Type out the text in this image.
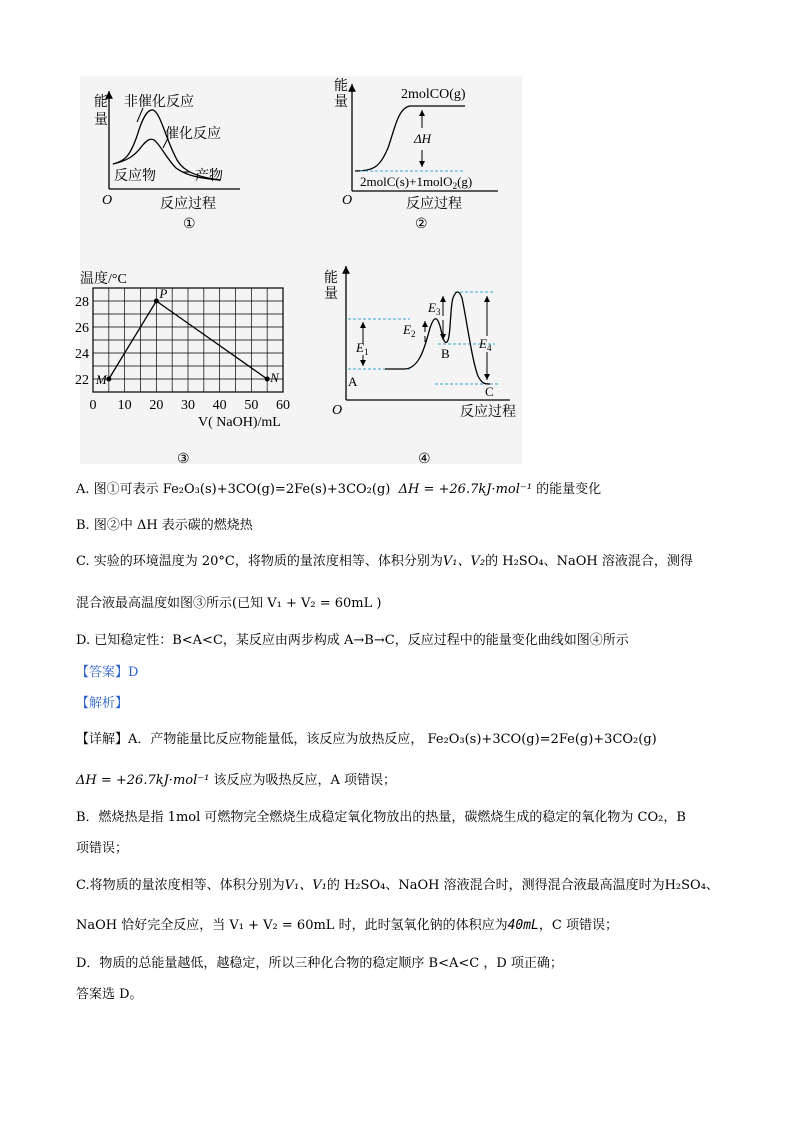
能
量
O	反应过程
非催化反应
催化反应
反应物	产物
①
能
量
O	反应过程
2molCO(g)
ΔH
2molC(s)+1molO$_2$(g)
②
温度/°C
0 10 20 30 40 50 60
22
24
26
28
M
P
N
V( NaOH)/mL
③
能
量
O	反应过程
$E_1$
$E_2$
$E_3$
$E_4$
A
B
C
④
A. 图①可表示 Fe₂O₃(s)+3CO(g)=2Fe(s)+3CO₂(g) ΔH = +26.7kJ·mol⁻¹ 的能量变化
B. 图②中 ΔH 表示碳的燃烧热
C. 实验的环境温度为 20°C，将物质的量浓度相等、体积分别为V₁、V₂的 H₂SO₄、NaOH 溶液混合，测得
混合液最高温度如图③所示(已知 V₁ + V₂ = 60mL )
D. 已知稳定性：B<A<C，某反应由两步构成 A→B→C，反应过程中的能量变化曲线如图④所示
【答案】D
【解析】
【详解】A．产物能量比反应物能量低，该反应为放热反应， Fe₂O₃(s)+3CO(g)=2Fe(g)+3CO₂(g)
ΔH = +26.7kJ·mol⁻¹ 该反应为吸热反应，A 项错误；
B．燃烧热是指 1mol 可燃物完全燃烧生成稳定氧化物放出的热量，碳燃烧生成的稳定的氧化物为 CO₂，B
项错误；
C.将物质的量浓度相等、体积分别为V₁、V₁的 H₂SO₄、NaOH 溶液混合时，测得混合液最高温度时为H₂SO₄、
NaOH 恰好完全反应，当 V₁ + V₂ = 60mL 时，此时氢氧化钠的体积应为40mL，C 项错误；
D．物质的总能量越低，越稳定，所以三种化合物的稳定顺序 B<A<C ，D 项正确；
答案选 D。
